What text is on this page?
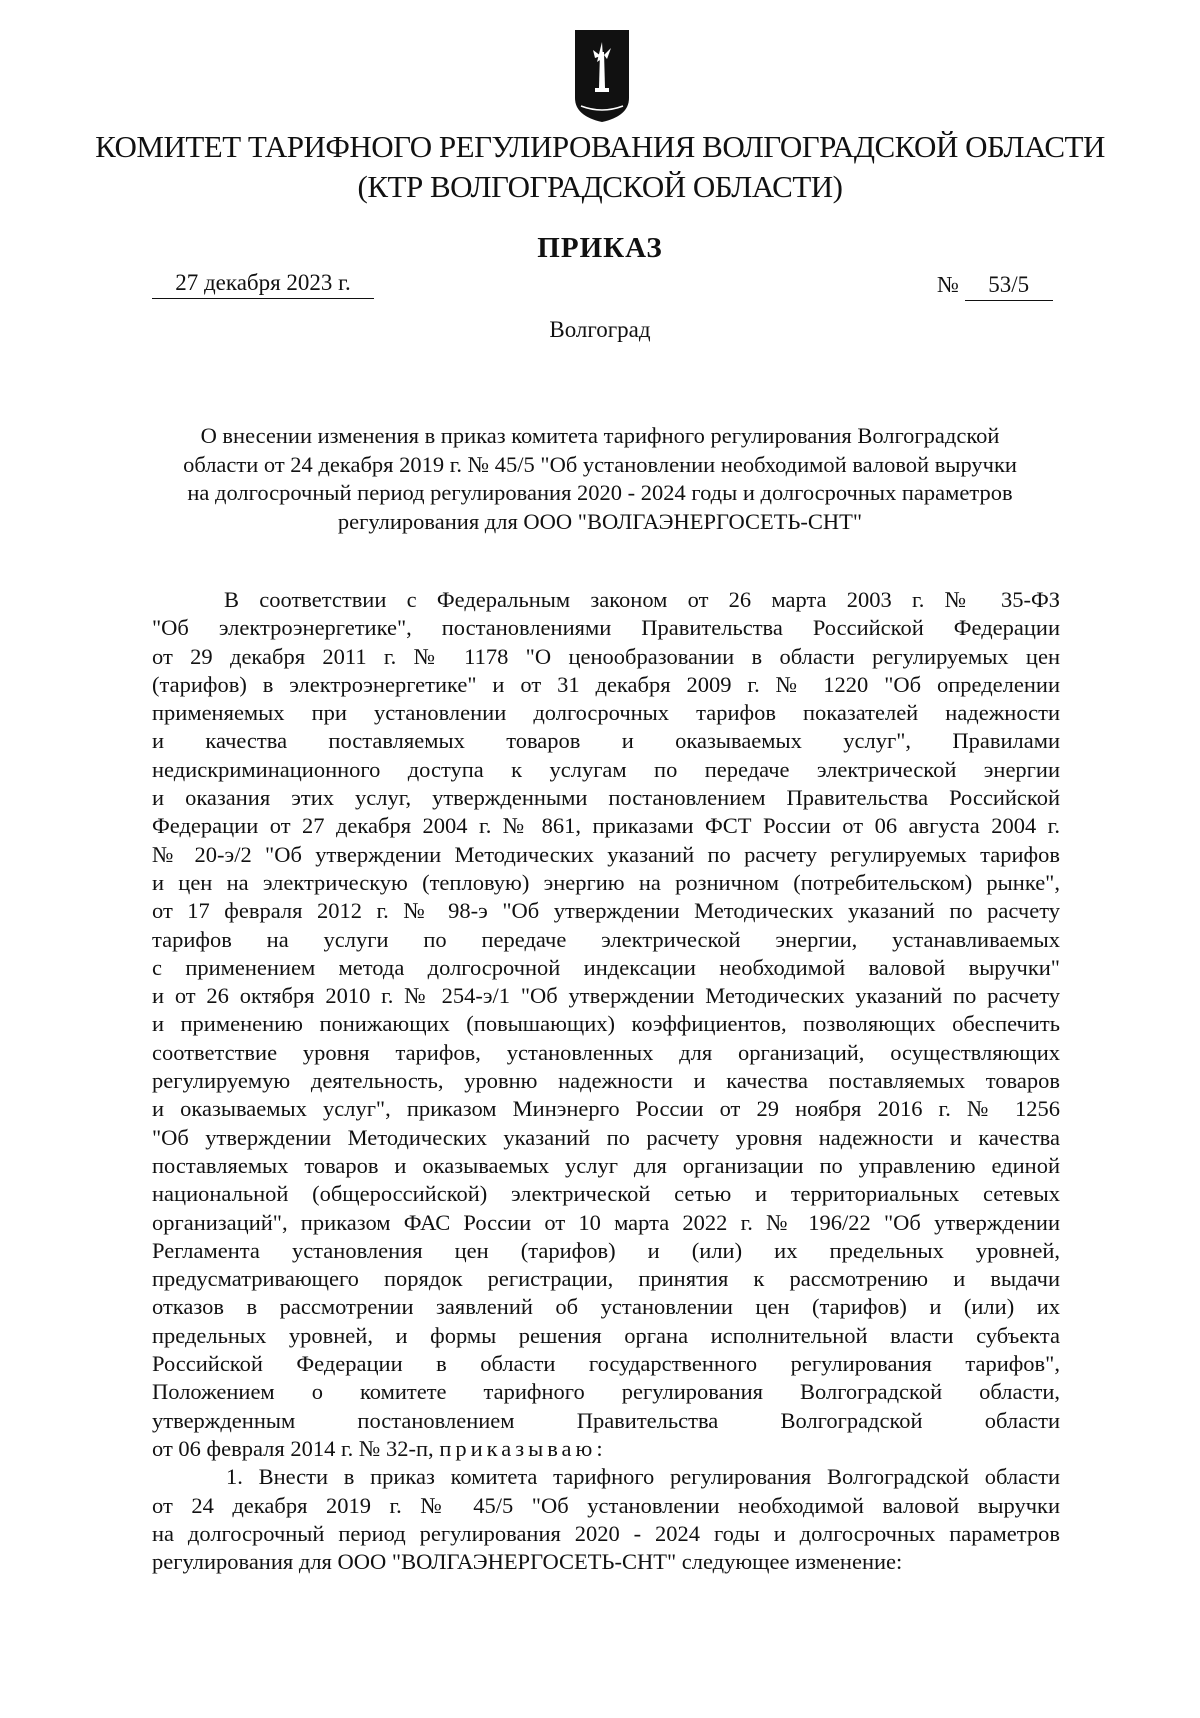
КОМИТЕТ ТАРИФНОГО РЕГУЛИРОВАНИЯ ВОЛГОГРАДСКОЙ ОБЛАСТИ
(КТР ВОЛГОГРАДСКОЙ ОБЛАСТИ)
ПРИКАЗ
27 декабря 2023 г.	№ 53/5
Волгоград
О внесении изменения в приказ комитета тарифного регулирования Волгоградской
области от 24 декабря 2019 г. № 45/5 "Об установлении необходимой валовой выручки
на долгосрочный период регулирования 2020 - 2024 годы и долгосрочных параметров
регулирования для ООО "ВОЛГАЭНЕРГОСЕТЬ-СНТ"
В соответствии с Федеральным законом от 26 марта 2003 г. № 35-ФЗ
"Об электроэнергетике", постановлениями Правительства Российской Федерации
от 29 декабря 2011 г. № 1178 "О ценообразовании в области регулируемых цен
(тарифов) в электроэнергетике" и от 31 декабря 2009 г. № 1220 "Об определении
применяемых при установлении долгосрочных тарифов показателей надежности
и качества поставляемых товаров и оказываемых услуг", Правилами
недискриминационного доступа к услугам по передаче электрической энергии
и оказания этих услуг, утвержденными постановлением Правительства Российской
Федерации от 27 декабря 2004 г. № 861, приказами ФСТ России от 06 августа 2004 г.
№ 20-э/2 "Об утверждении Методических указаний по расчету регулируемых тарифов
и цен на электрическую (тепловую) энергию на розничном (потребительском) рынке",
от 17 февраля 2012 г. № 98-э "Об утверждении Методических указаний по расчету
тарифов на услуги по передаче электрической энергии, устанавливаемых
с применением метода долгосрочной индексации необходимой валовой выручки"
и от 26 октября 2010 г. № 254-э/1 "Об утверждении Методических указаний по расчету
и применению понижающих (повышающих) коэффициентов, позволяющих обеспечить
соответствие уровня тарифов, установленных для организаций, осуществляющих
регулируемую деятельность, уровню надежности и качества поставляемых товаров
и оказываемых услуг", приказом Минэнерго России от 29 ноября 2016 г. № 1256
"Об утверждении Методических указаний по расчету уровня надежности и качества
поставляемых товаров и оказываемых услуг для организации по управлению единой
национальной (общероссийской) электрической сетью и территориальных сетевых
организаций", приказом ФАС России от 10 марта 2022 г. № 196/22 "Об утверждении
Регламента установления цен (тарифов) и (или) их предельных уровней,
предусматривающего порядок регистрации, принятия к рассмотрению и выдачи
отказов в рассмотрении заявлений об установлении цен (тарифов) и (или) их
предельных уровней, и формы решения органа исполнительной власти субъекта
Российской Федерации в области государственного регулирования тарифов",
Положением о комитете тарифного регулирования Волгоградской области,
утвержденным постановлением Правительства Волгоградской области
от 06 февраля 2014 г. № 32-п, приказываю:
1. Внести в приказ комитета тарифного регулирования Волгоградской области
от 24 декабря 2019 г. № 45/5 "Об установлении необходимой валовой выручки
на долгосрочный период регулирования 2020 - 2024 годы и долгосрочных параметров
регулирования для ООО "ВОЛГАЭНЕРГОСЕТЬ-СНТ" следующее изменение:
